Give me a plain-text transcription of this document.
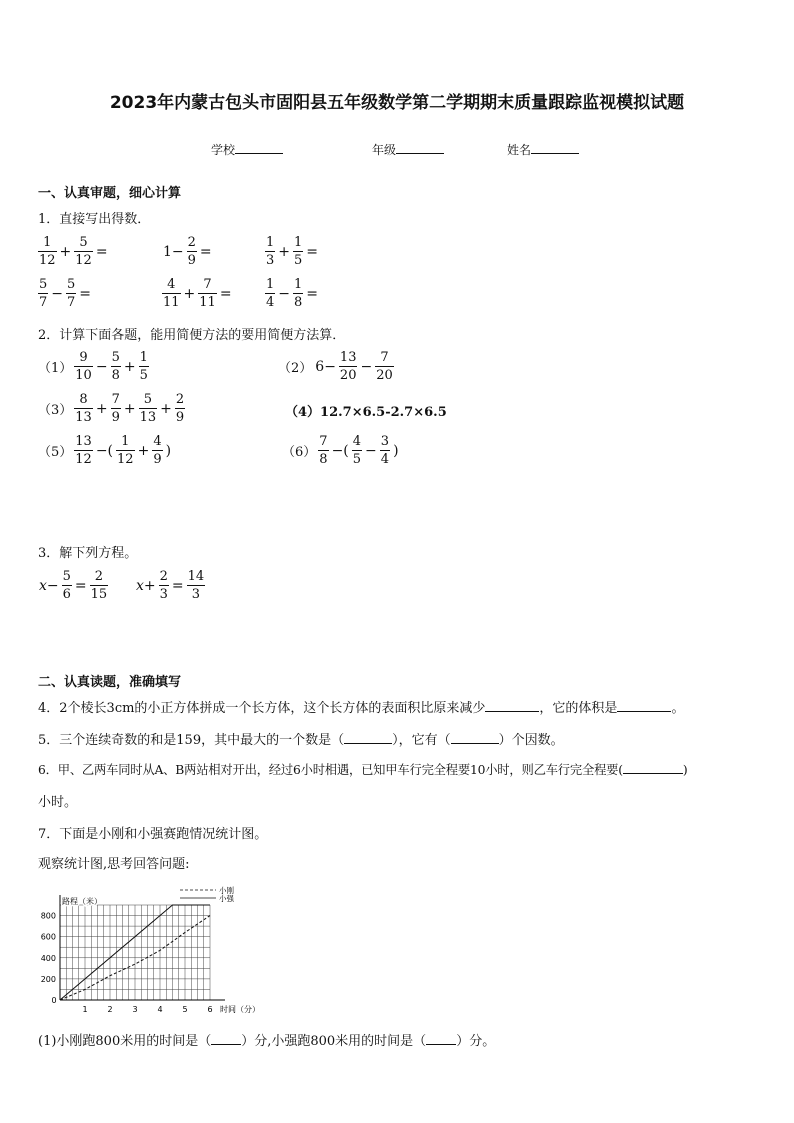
2023年内蒙古包头市固阳县五年级数学第二学期期末质量跟踪监视模拟试题
学校	年级	姓名
一、认真审题，细心计算
1．直接写出得数．
$\frac{1}{12} + \frac{5}{12}$ =	$1- \frac{2}{9}$ =	$\frac{1}{3} + \frac{1}{5}$ =
$\frac{5}{7} - \frac{5}{7}$ =	$\frac{4}{11} + \frac{7}{11}$ =	$\frac{1}{4} - \frac{1}{8}$ =
2．计算下面各题，能用简便方法的要用简便方法算．
$(1) \frac{9}{10} - \frac{5}{8} + \frac{1}{5}$	（2） $6- \frac{13}{20} - \frac{7}{20}$
$(3) \frac{8}{13} + \frac{7}{9} + \frac{5}{13} + \frac{2}{9}$	（4）12.7×6.5-2.7×6.5
$(5) \frac{13}{12}$ −( $\frac{1}{12} + \frac{4}{9}$ )	$(6) \frac{7}{8}$ −( $\frac{4}{5} - \frac{3}{4}$ )
3．解下列方程。
$x- \frac{5}{6} = \frac{2}{15} x+ \frac{2}{3} = \frac{14}{3}$
二、认真读题，准确填写
4．2个棱长3cm的小正方体拼成一个长方体，这个长方体的表面积比原来减少	，它的体积是	。
5．三个连续奇数的和是159，其中最大的一个数是（	），它有（	）个因数。
6．甲、乙两车同时从A、B两站相对开出，经过6小时相遇，已知甲车行完全程要10小时，则乙车行完全程要(	)
小时。
7．下面是小刚和小强赛跑情况统计图。
观察统计图,思考回答问题:
0
1 2 3 4 5 6
200
400
600
800
路程（米）
时间（分）
小刚
小强
(1)小刚跑800米用的时间是（ ）分,小强跑800米用的时间是（ ）分。
